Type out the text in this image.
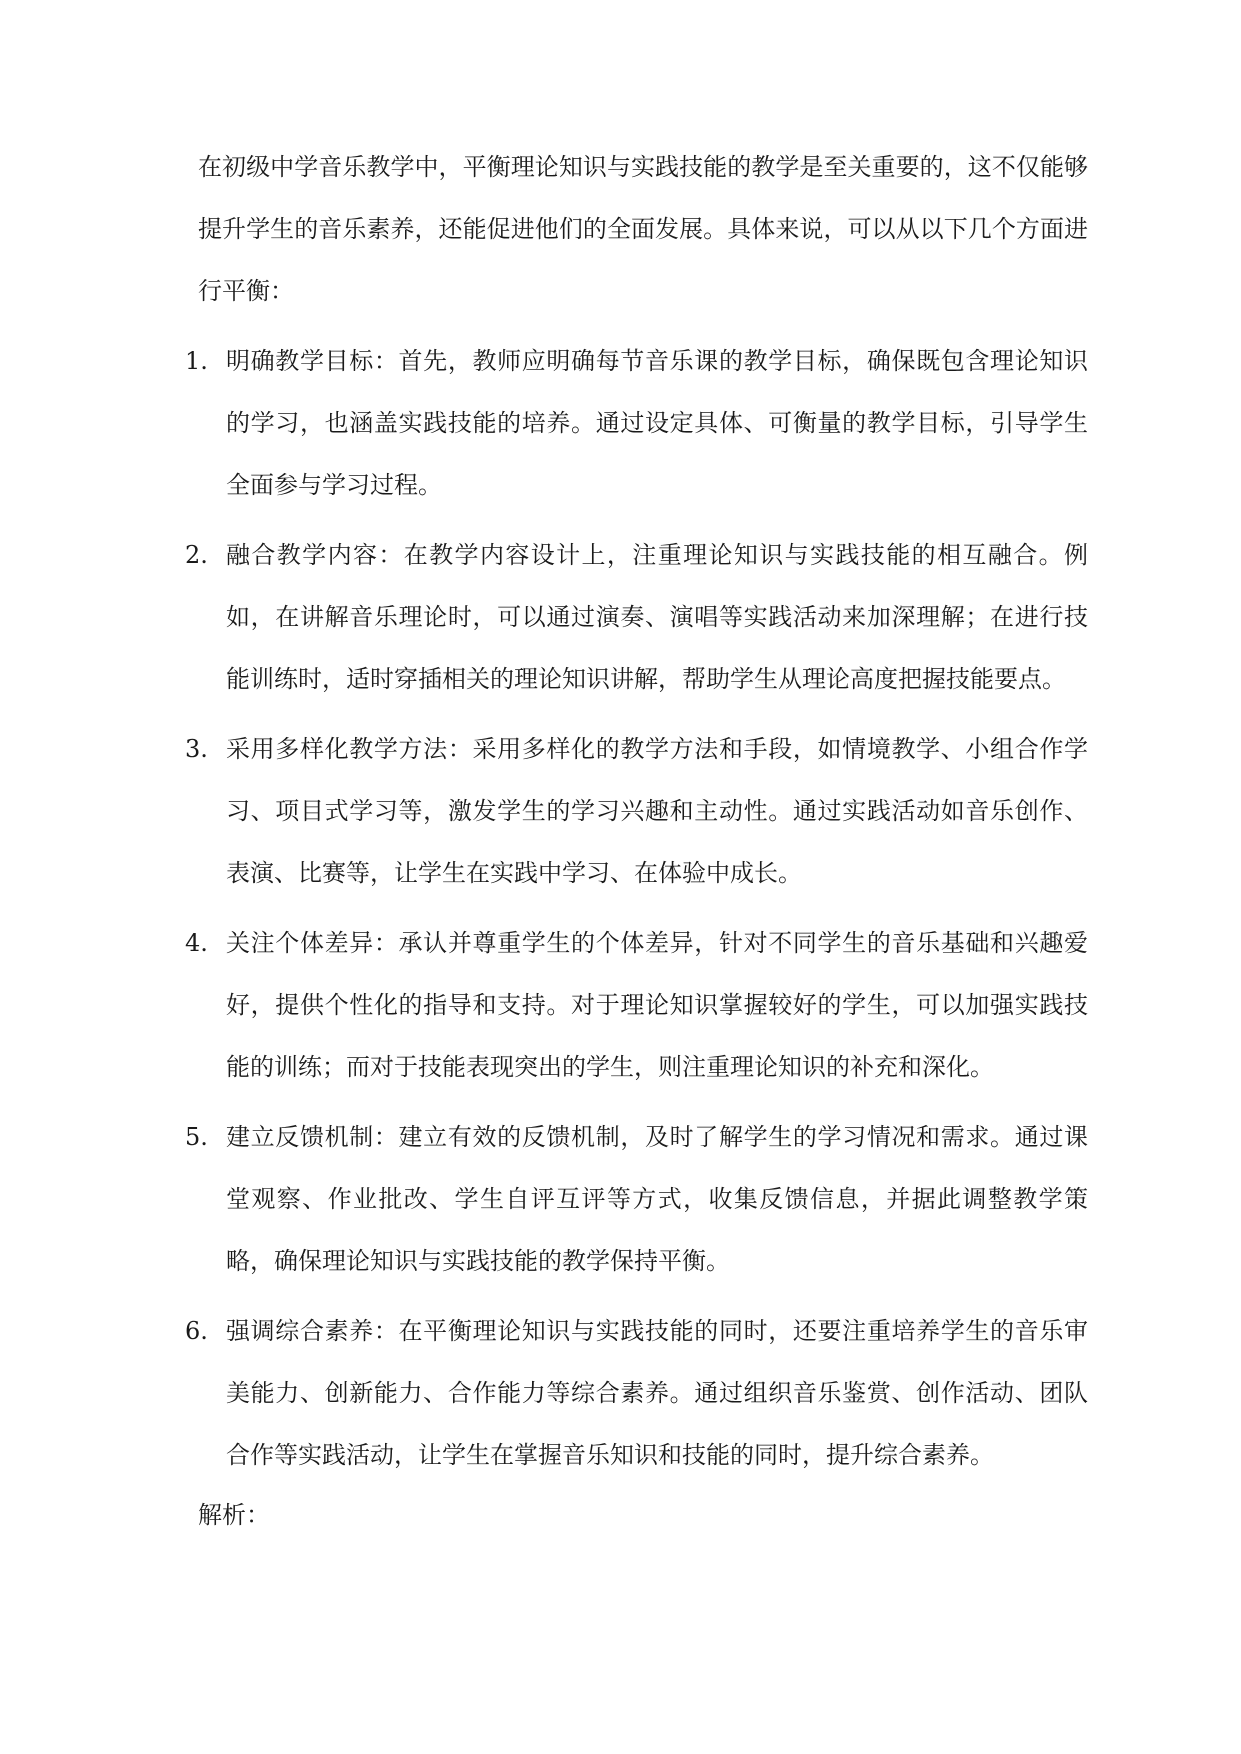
在初级中学音乐教学中，平衡理论知识与实践技能的教学是至关重要的，这不仅能够提升学生的音乐素养，还能促进他们的全面发展。具体来说，可以从以下几个方面进行平衡：

1. 明确教学目标：首先，教师应明确每节音乐课的教学目标，确保既包含理论知识的学习，也涵盖实践技能的培养。通过设定具体、可衡量的教学目标，引导学生全面参与学习过程。
2. 融合教学内容：在教学内容设计上，注重理论知识与实践技能的相互融合。例如，在讲解音乐理论时，可以通过演奏、演唱等实践活动来加深理解；在进行技能训练时，适时穿插相关的理论知识讲解，帮助学生从理论高度把握技能要点。
3. 采用多样化教学方法：采用多样化的教学方法和手段，如情境教学、小组合作学习、项目式学习等，激发学生的学习兴趣和主动性。通过实践活动如音乐创作、表演、比赛等，让学生在实践中学习、在体验中成长。
4. 关注个体差异：承认并尊重学生的个体差异，针对不同学生的音乐基础和兴趣爱好，提供个性化的指导和支持。对于理论知识掌握较好的学生，可以加强实践技能的训练；而对于技能表现突出的学生，则注重理论知识的补充和深化。
5. 建立反馈机制：建立有效的反馈机制，及时了解学生的学习情况和需求。通过课堂观察、作业批改、学生自评互评等方式，收集反馈信息，并据此调整教学策略，确保理论知识与实践技能的教学保持平衡。
6. 强调综合素养：在平衡理论知识与实践技能的同时，还要注重培养学生的音乐审美能力、创新能力、合作能力等综合素养。通过组织音乐鉴赏、创作活动、团队合作等实践活动，让学生在掌握音乐知识和技能的同时，提升综合素养。

解析：
